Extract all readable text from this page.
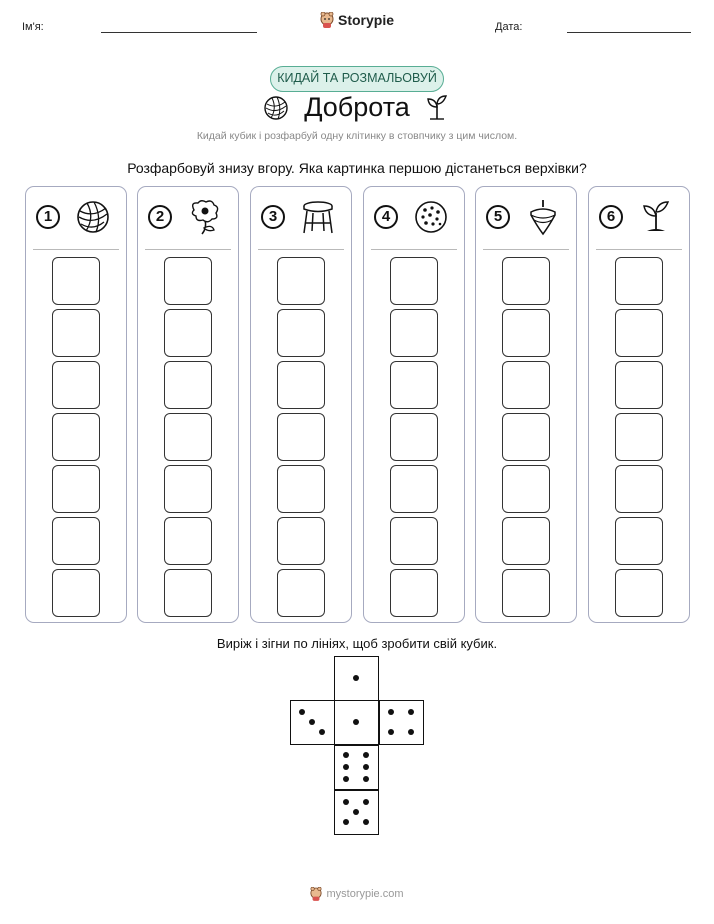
Ім'я:	Storypie	Дата:
КИДАЙ ТА РОЗМАЛЬОВУЙ
Доброта
Кидай кубик і розфарбуй одну клітинку в стовпчику з цим числом.
Розфарбовуй знизу вгору. Яка картинка першою дістанеться верхівки?
1	2	3	4	5	6
Виріж і зігни по лініях, щоб зробити свій кубик.
mystorypie.com
